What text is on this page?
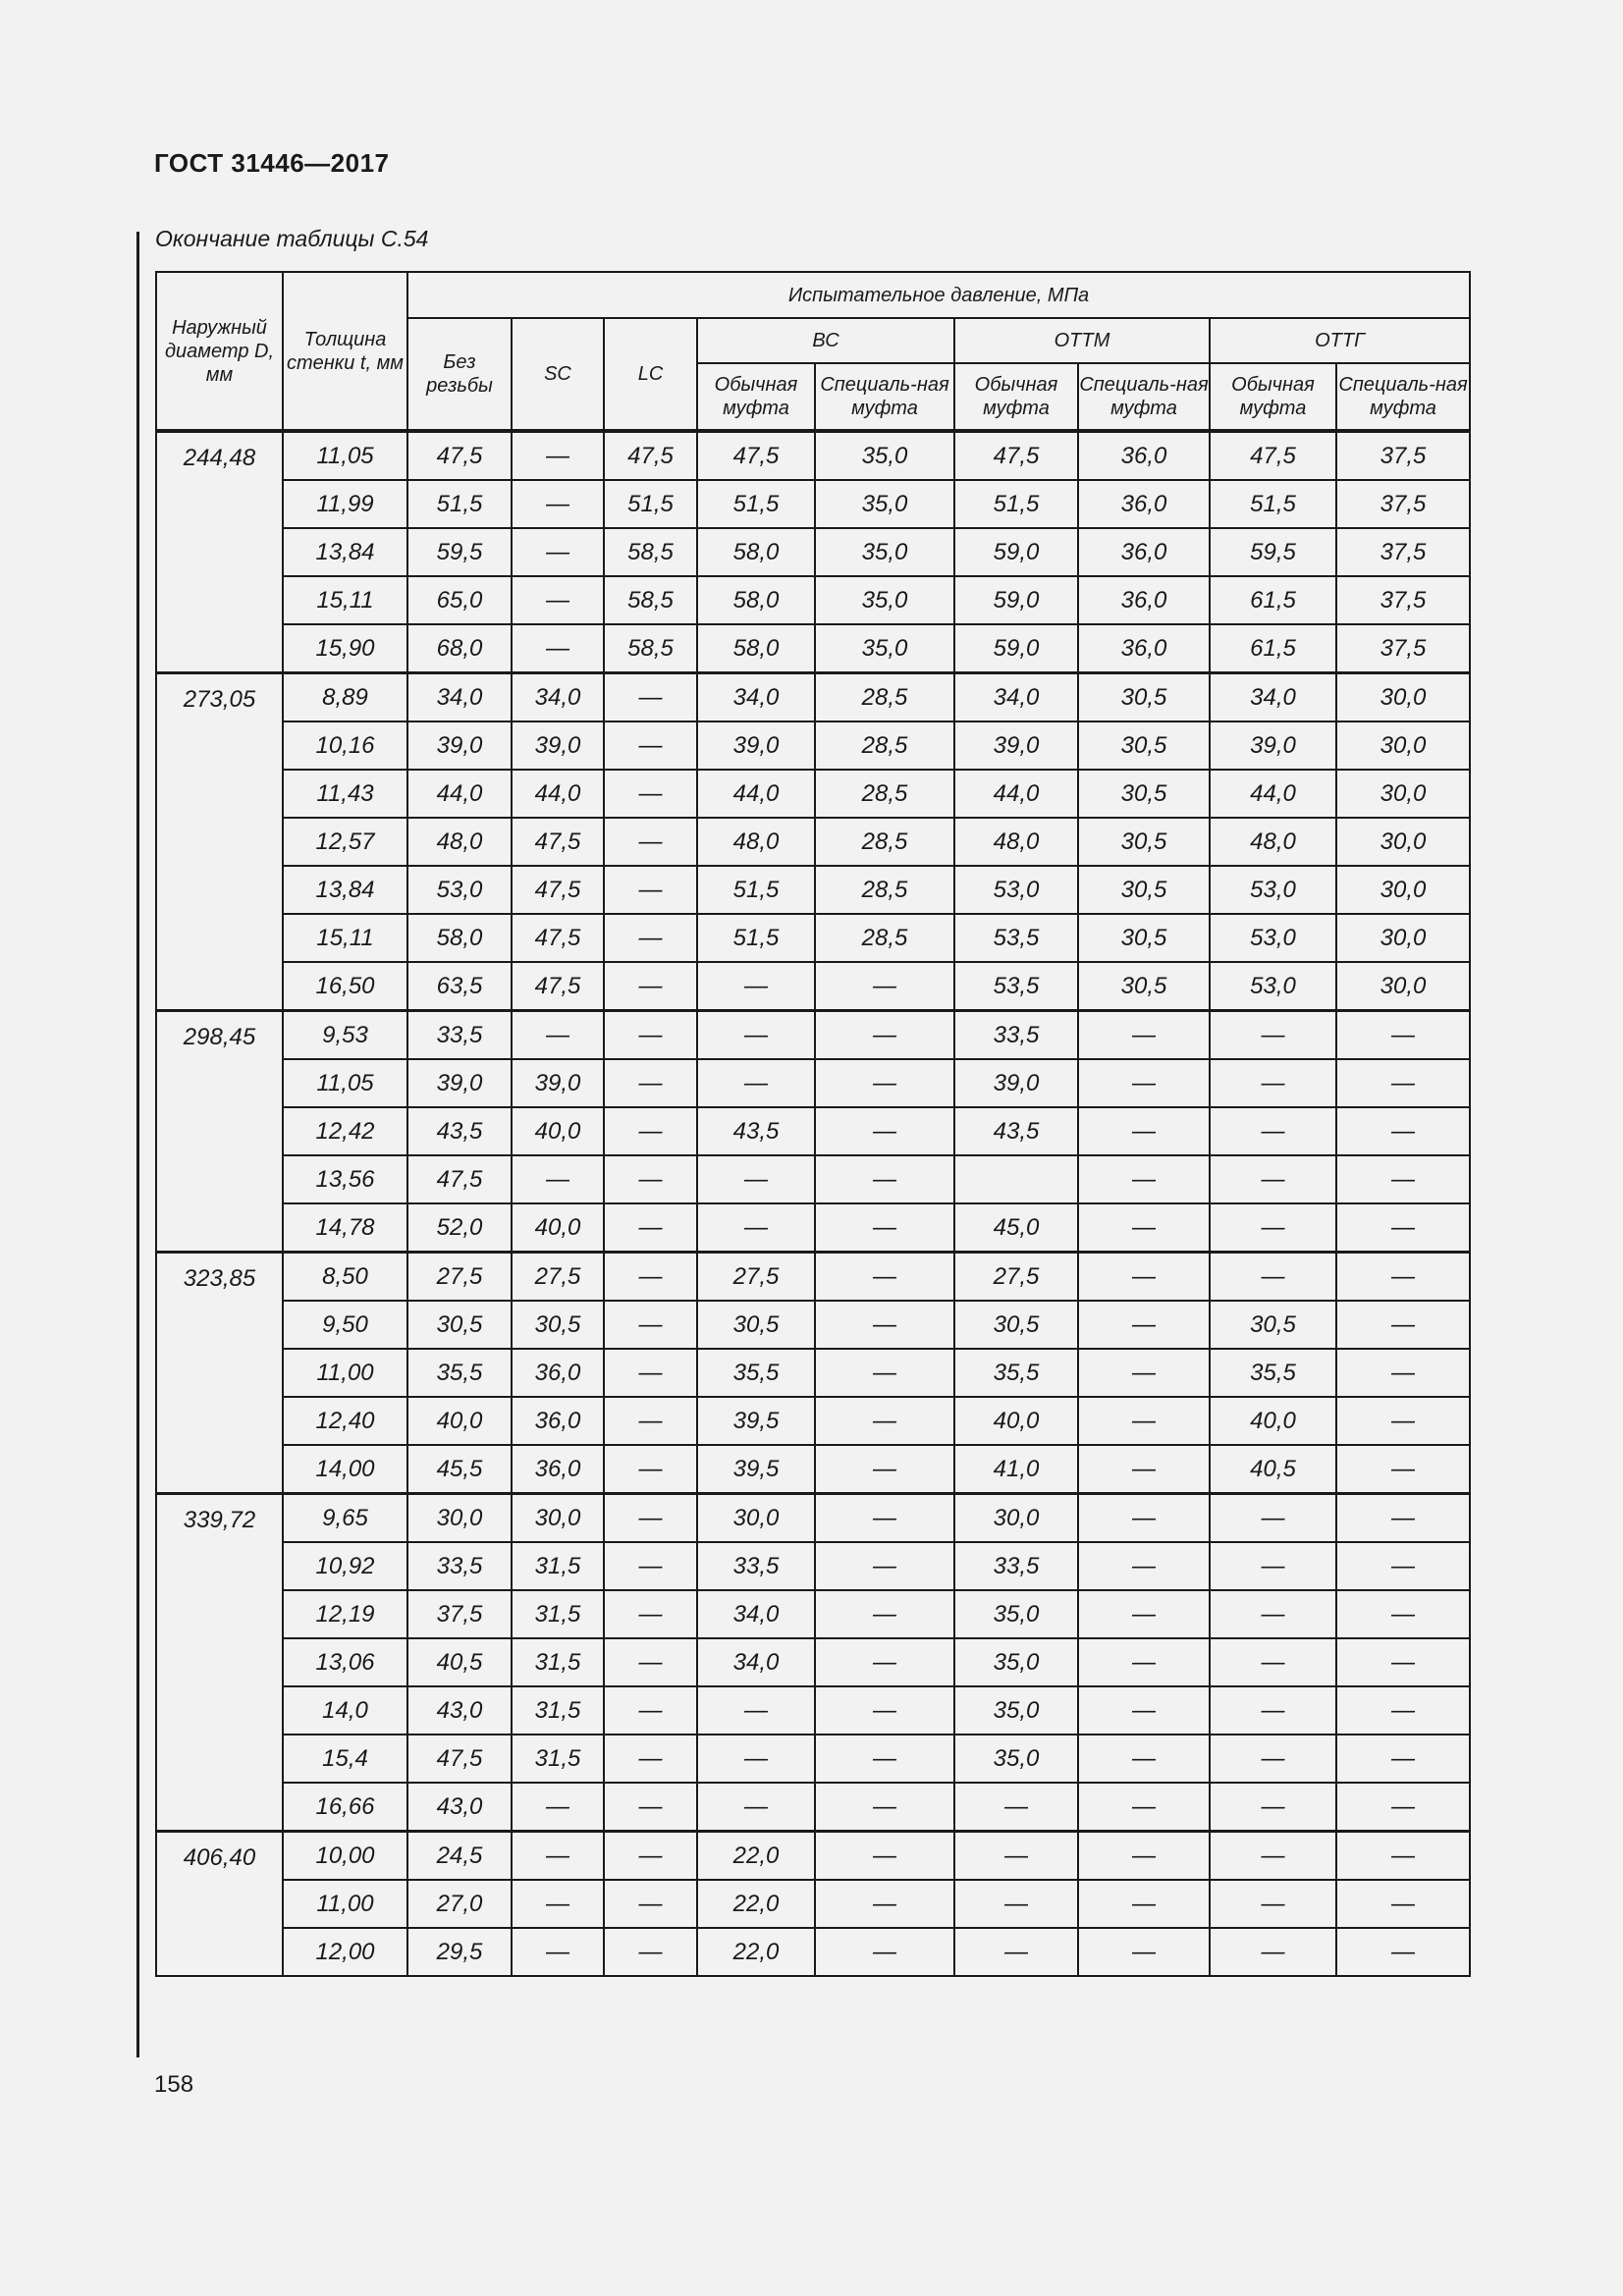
ГОСТ 31446—2017
Окончание таблицы С.54
Наружный диаметр D, мм	Толщина стенки t, мм	Испытательное давление, МПа								
		Без резьбы	SC	LC	ВС		ОТТМ		ОТТГ	
					Обычная муфта	Специаль-ная муфта	Обычная муфта	Специаль-ная муфта	Обычная муфта	Специаль-ная муфта
244,48	11,05	47,5	—	47,5	47,5	35,0	47,5	36,0	47,5	37,5
	11,99	51,5	—	51,5	51,5	35,0	51,5	36,0	51,5	37,5
	13,84	59,5	—	58,5	58,0	35,0	59,0	36,0	59,5	37,5
	15,11	65,0	—	58,5	58,0	35,0	59,0	36,0	61,5	37,5
	15,90	68,0	—	58,5	58,0	35,0	59,0	36,0	61,5	37,5
273,05	8,89	34,0	34,0	—	34,0	28,5	34,0	30,5	34,0	30,0
	10,16	39,0	39,0	—	39,0	28,5	39,0	30,5	39,0	30,0
	11,43	44,0	44,0	—	44,0	28,5	44,0	30,5	44,0	30,0
	12,57	48,0	47,5	—	48,0	28,5	48,0	30,5	48,0	30,0
	13,84	53,0	47,5	—	51,5	28,5	53,0	30,5	53,0	30,0
	15,11	58,0	47,5	—	51,5	28,5	53,5	30,5	53,0	30,0
	16,50	63,5	47,5	—	—	—	53,5	30,5	53,0	30,0
298,45	9,53	33,5	—	—	—	—	33,5	—	—	—
	11,05	39,0	39,0	—	—	—	39,0	—	—	—
	12,42	43,5	40,0	—	43,5	—	43,5	—	—	—
	13,56	47,5	—	—	—	—		—	—	—
	14,78	52,0	40,0	—	—	—	45,0	—	—	—
323,85	8,50	27,5	27,5	—	27,5	—	27,5	—	—	—
	9,50	30,5	30,5	—	30,5	—	30,5	—	30,5	—
	11,00	35,5	36,0	—	35,5	—	35,5	—	35,5	—
	12,40	40,0	36,0	—	39,5	—	40,0	—	40,0	—
	14,00	45,5	36,0	—	39,5	—	41,0	—	40,5	—
339,72	9,65	30,0	30,0	—	30,0	—	30,0	—	—	—
	10,92	33,5	31,5	—	33,5	—	33,5	—	—	—
	12,19	37,5	31,5	—	34,0	—	35,0	—	—	—
	13,06	40,5	31,5	—	34,0	—	35,0	—	—	—
	14,0	43,0	31,5	—	—	—	35,0	—	—	—
	15,4	47,5	31,5	—	—	—	35,0	—	—	—
	16,66	43,0	—	—	—	—	—	—	—	—
406,40	10,00	24,5	—	—	22,0	—	—	—	—	—
	11,00	27,0	—	—	22,0	—	—	—	—	—
	12,00	29,5	—	—	22,0	—	—	—	—	—
158
